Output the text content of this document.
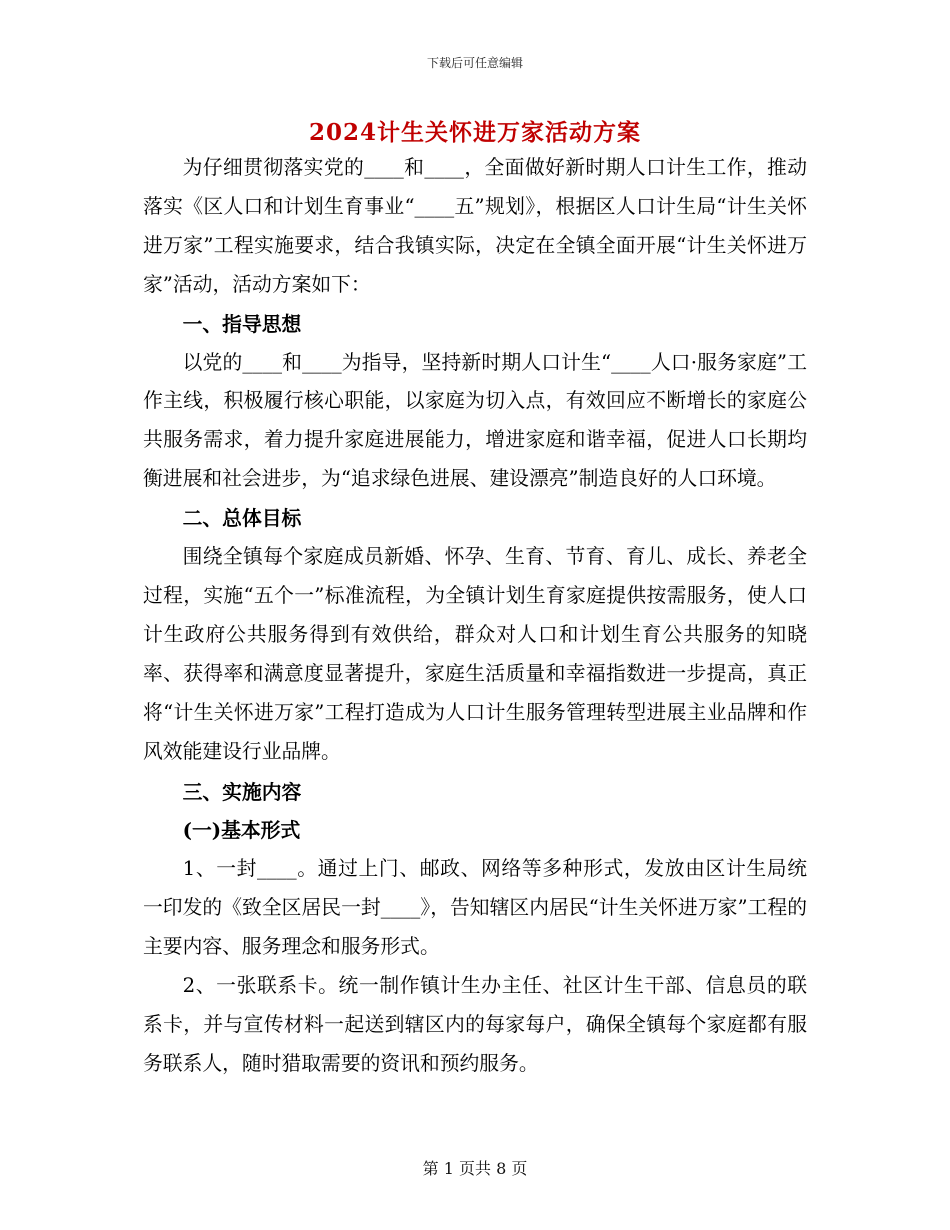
下载后可任意编辑
2024计生关怀进万家活动方案

为仔细贯彻落实党的____和____，全面做好新时期人口计生工作，推动落实《区人口和计划生育事业“____五”规划》，根据区人口计生局“计生关怀进万家”工程实施要求，结合我镇实际，决定在全镇全面开展“计生关怀进万家”活动，活动方案如下：

一、指导思想

以党的____和____为指导，坚持新时期人口计生“____人口·服务家庭”工作主线，积极履行核心职能，以家庭为切入点，有效回应不断增长的家庭公共服务需求，着力提升家庭进展能力，增进家庭和谐幸福，促进人口长期均衡进展和社会进步，为“追求绿色进展、建设漂亮”制造良好的人口环境。

二、总体目标

围绕全镇每个家庭成员新婚、怀孕、生育、节育、育儿、成长、养老全过程，实施“五个一”标准流程，为全镇计划生育家庭提供按需服务，使人口计生政府公共服务得到有效供给，群众对人口和计划生育公共服务的知晓率、获得率和满意度显著提升，家庭生活质量和幸福指数进一步提高，真正将“计生关怀进万家”工程打造成为人口计生服务管理转型进展主业品牌和作风效能建设行业品牌。

三、实施内容

(一)基本形式

1、一封____。通过上门、邮政、网络等多种形式，发放由区计生局统一印发的《致全区居民一封____》，告知辖区内居民“计生关怀进万家”工程的主要内容、服务理念和服务形式。

2、一张联系卡。统一制作镇计生办主任、社区计生干部、信息员的联系卡，并与宣传材料一起送到辖区内的每家每户，确保全镇每个家庭都有服务联系人，随时猎取需要的资讯和预约服务。

第 1 页共 8 页
